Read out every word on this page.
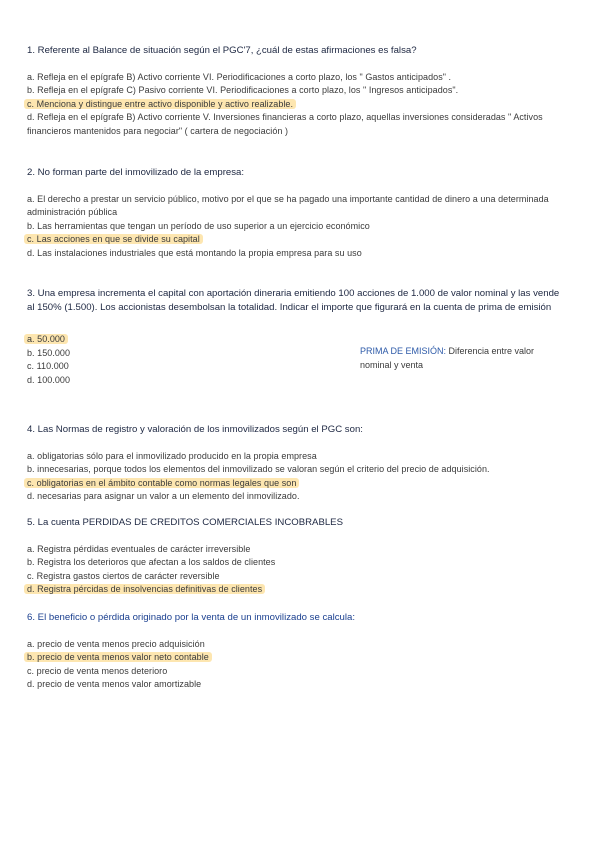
1. Referente al Balance de situación según el PGC'7, ¿cuál de estas afirmaciones es falsa?

a. Refleja en el epígrafe B) Activo corriente VI. Periodificaciones a corto plazo, los " Gastos anticipados" .

b. Refleja en el epígrafe C) Pasivo corriente VI. Periodificaciones a corto plazo, los " Ingresos anticipados".

c. Menciona y distingue entre activo disponible y activo realizable.

d. Refleja en el epígrafe B) Activo corriente V. Inversiones financieras a corto plazo, aquellas inversiones consideradas " Activos financieros mantenidos para negociar" ( cartera de negociación )

2. No forman parte del inmovilizado de la empresa:

a. El derecho a prestar un servicio público, motivo por el que se ha pagado una importante cantidad de dinero a una determinada administración pública

b. Las herramientas que tengan un período de uso superior a un ejercicio económico

c. Las acciones en que se divide su capital

d. Las instalaciones industriales que está montando la propia empresa para su uso

3. Una empresa incrementa el capital con aportación dineraria emitiendo 100 acciones de 1.000 de valor nominal y las vende al 150% (1.500). Los accionistas desembolsan la totalidad. Indicar el importe que figurará en la cuenta de prima de emisión

a. 50.000

b. 150.000

c. 110.000

d. 100.000

PRIMA DE EMISIÓN: Diferencia entre valor nominal y venta

4. Las Normas de registro y valoración de los inmovilizados según el PGC son:

a. obligatorias sólo para el inmovilizado producido en la propia empresa

b. innecesarias, porque todos los elementos del inmovilizado se valoran según el criterio del precio de adquisición.

c. obligatorias en el ámbito contable como normas legales que son

d. necesarias para asignar un valor a un elemento del inmovilizado.

5. La cuenta PERDIDAS DE CREDITOS COMERCIALES INCOBRABLES

a. Registra pérdidas eventuales de carácter irreversible

b. Registra los deterioros que afectan a los saldos de clientes

c. Registra gastos ciertos de carácter reversible

d. Registra pércidas de insolvencias definitivas de clientes

6. El beneficio o pérdida originado por la venta de un inmovilizado se calcula:

a. precio de venta menos precio adquisición

b. precio de venta menos valor neto contable

c. precio de venta menos deterioro

d. precio de venta menos valor amortizable
